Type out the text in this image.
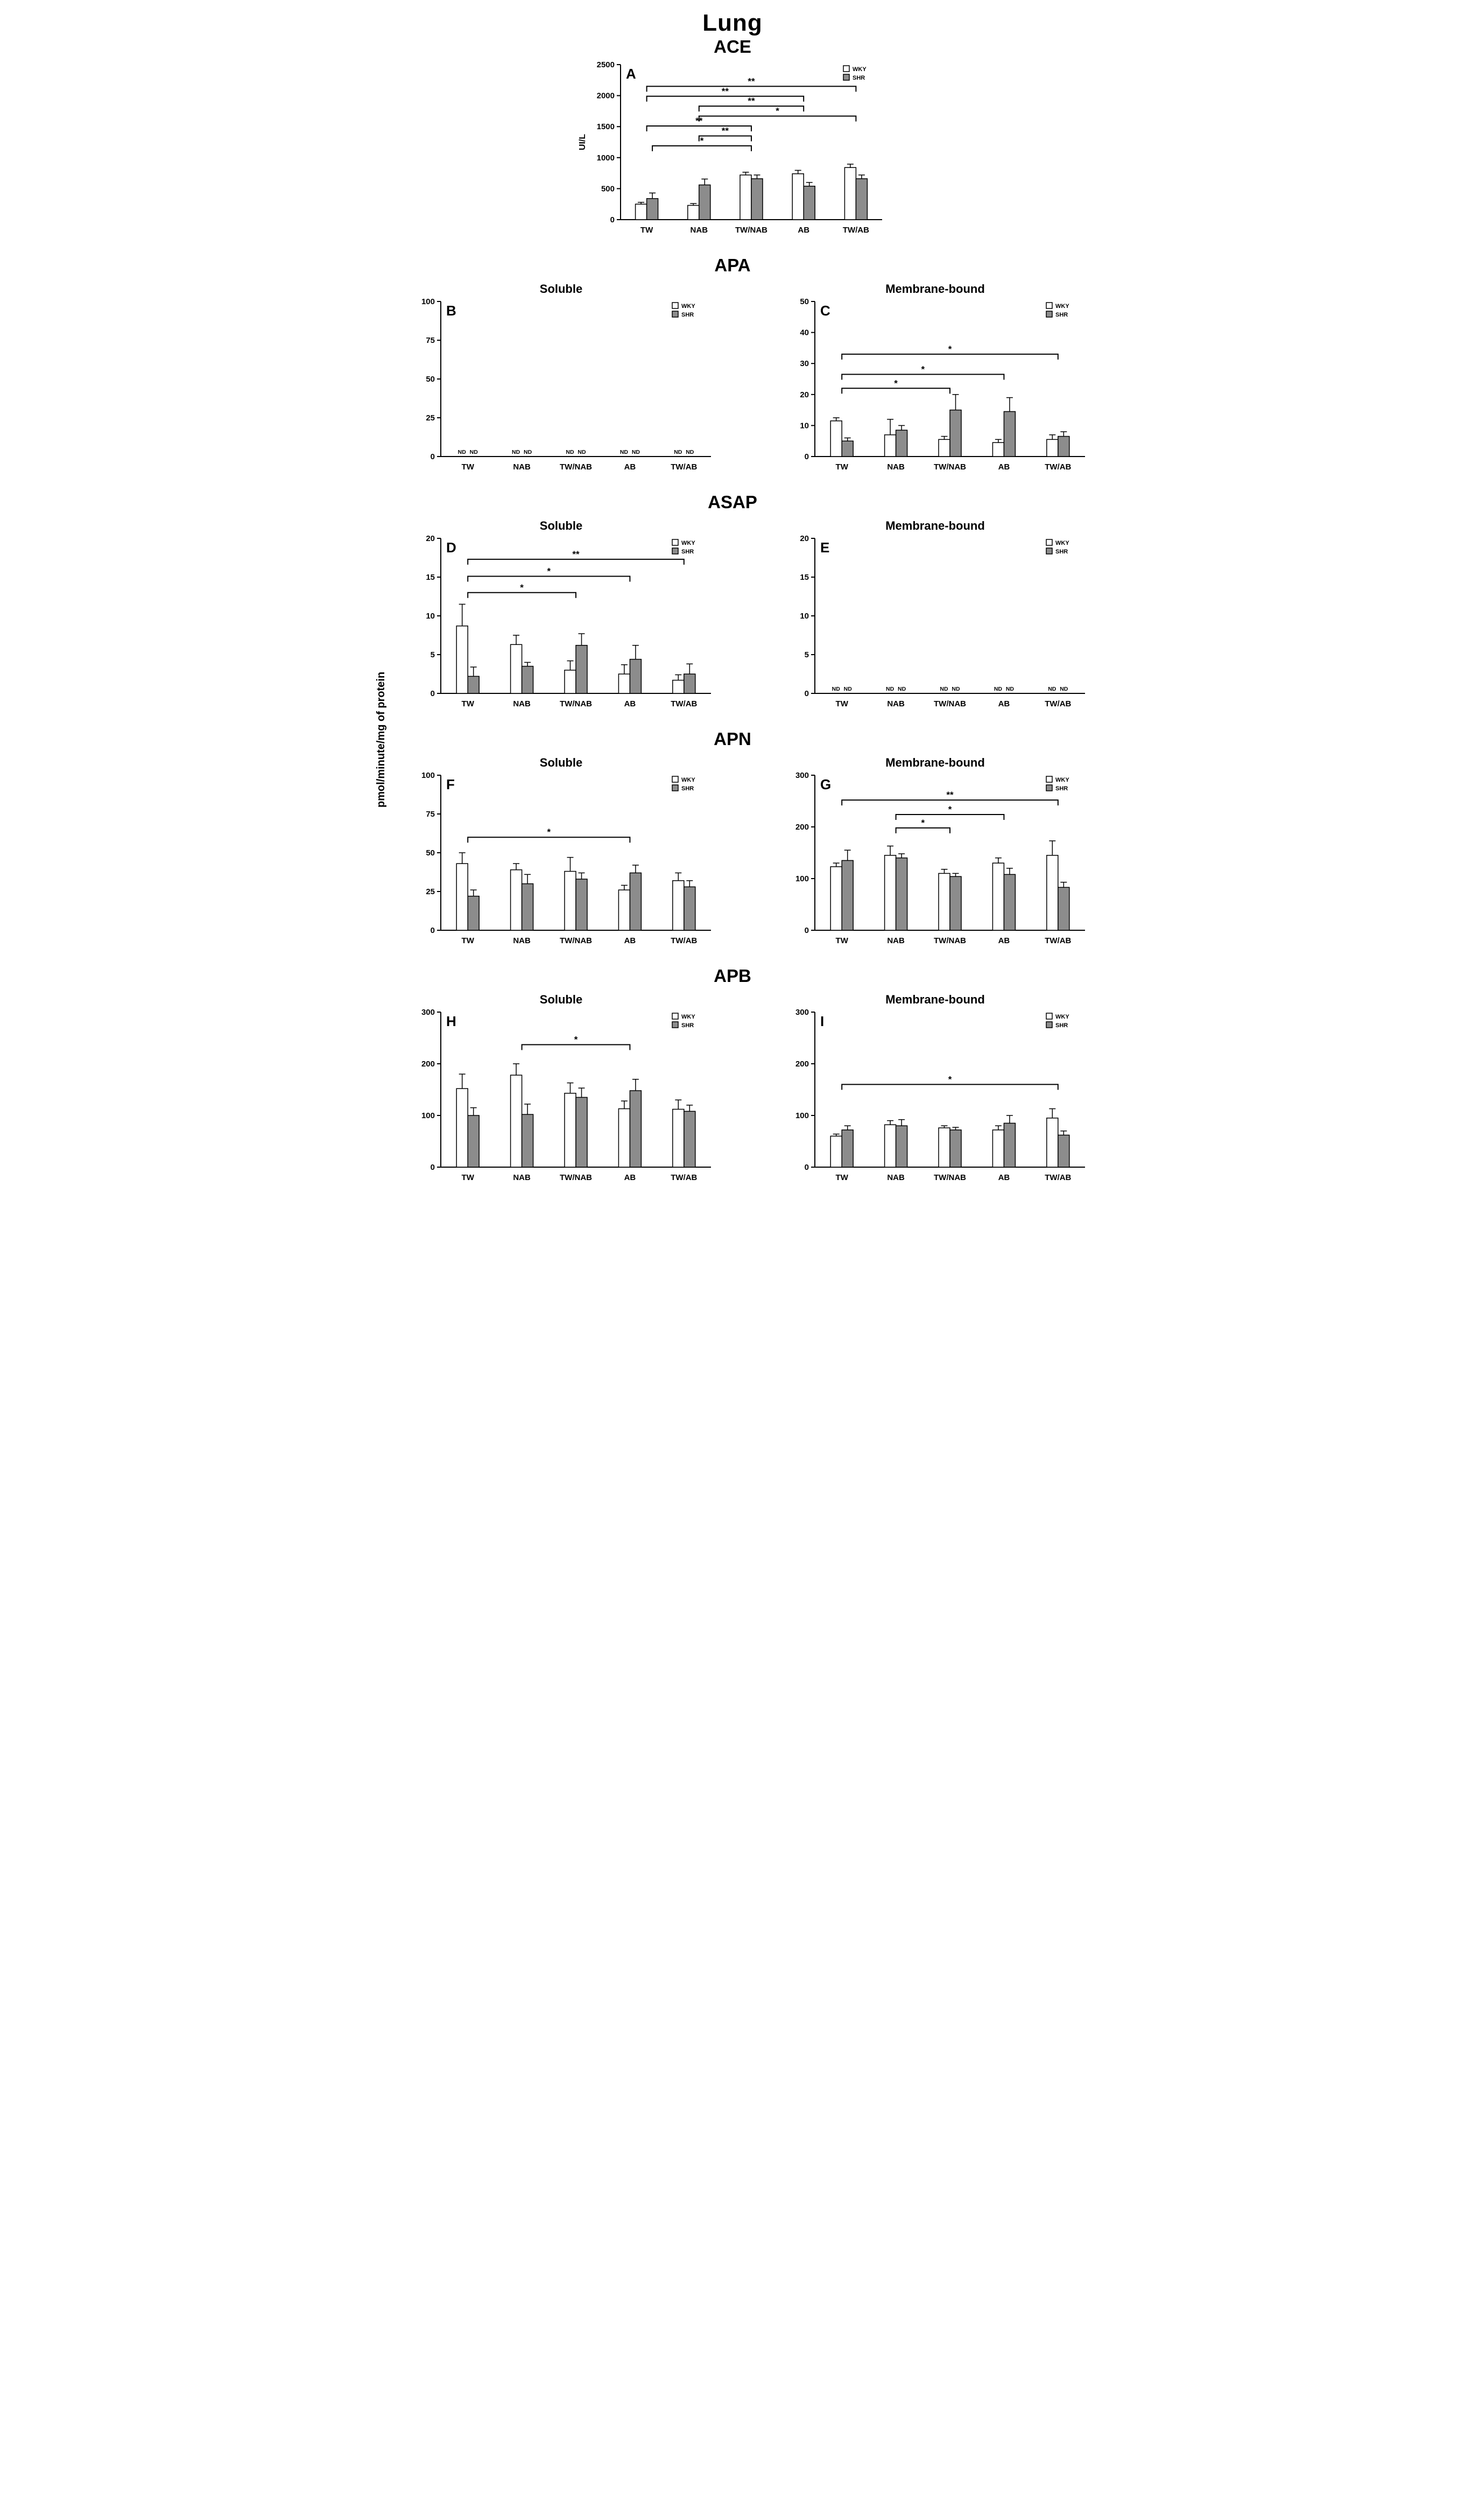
Lung
pmol/minute/mg of protein
ACE
0
500
1000
1500
2000
2500
TW	NAB	TW/NAB	AB	TW/AB
**
**
**
*
**
**
*
WKY
SHR
A
UI/L
APA
Soluble
0
25
50
75
100
TW	NAB	TW/NAB	AB	TW/AB
ND ND	ND ND	ND ND	ND ND	ND ND
WKY
SHR
B
Membrane-bound
0
10
20
30
40
50
TW	NAB	TW/NAB	AB	TW/AB
*
*
*
WKY
SHR
C
ASAP
Soluble
0
5
10
15
20
TW	NAB	TW/NAB	AB	TW/AB
**
*
*
WKY
SHR
D
Membrane-bound
0
5
10
15
20
TW	NAB	TW/NAB	AB	TW/AB
ND ND	ND ND	ND ND	ND ND	ND ND
WKY
SHR
E
APN
Soluble
0
25
50
75
100
TW	NAB	TW/NAB	AB	TW/AB
*
WKY
SHR
F
Membrane-bound
0
100
200
300
TW	NAB	TW/NAB	AB	TW/AB
**
*
*
WKY
SHR
G
APB
Soluble
0
100
200
300
TW	NAB	TW/NAB	AB	TW/AB
*
WKY
SHR
H
Membrane-bound
0
100
200
300
TW	NAB	TW/NAB	AB	TW/AB
*
WKY
SHR
I
